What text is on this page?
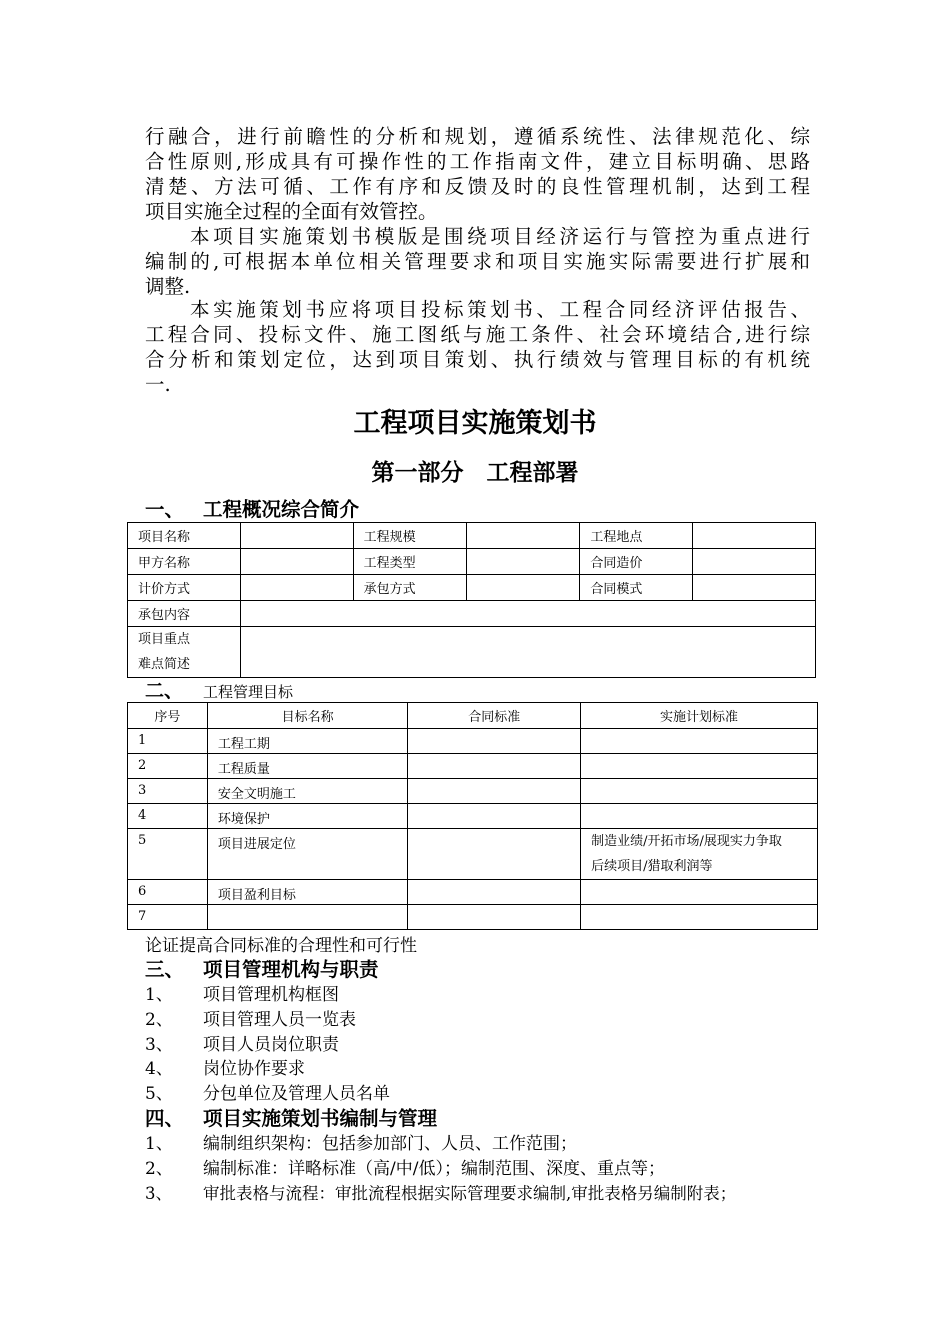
行融合，进行前瞻性的分析和规划，遵循系统性、法律规范化、综
合性原则,形成具有可操作性的工作指南文件，建立目标明确、思路
清楚、方法可循、工作有序和反馈及时的良性管理机制，达到工程
项目实施全过程的全面有效管控。
本项目实施策划书模版是围绕项目经济运行与管控为重点进行
编制的,可根据本单位相关管理要求和项目实施实际需要进行扩展和
调整.
本实施策划书应将项目投标策划书、工程合同经济评估报告、
工程合同、投标文件、施工图纸与施工条件、社会环境结合,进行综
合分析和策划定位，达到项目策划、执行绩效与管理目标的有机统
一.
工程项目实施策划书
第一部分　工程部署
一、 工程概况综合简介
项目名称		工程规模		工程地点	
甲方名称		工程类型		合同造价	
计价方式		承包方式		合同模式	
承包内容					

项目重点
难点简述					

二、 工程管理目标
序号	目标名称	合同标准	实施计划标准
1	工程工期		
2	工程质量		
3	安全文明施工		
4	环境保护		
5	项目进展定位		制造业绩/开拓市场/展现实力争取
后续项目/猎取利润等

6	项目盈利目标		
7			
论证提高合同标准的合理性和可行性
三、 项目管理机构与职责
1、 项目管理机构框图
2、 项目管理人员一览表
3、 项目人员岗位职责
4、 岗位协作要求
5、 分包单位及管理人员名单
四、 项目实施策划书编制与管理
1、 编制组织架构：包括参加部门、人员、工作范围；
2、 编制标准：详略标准（高/中/低）；编制范围、深度、重点等；
3、 审批表格与流程：审批流程根据实际管理要求编制,审批表格另编制附表；
